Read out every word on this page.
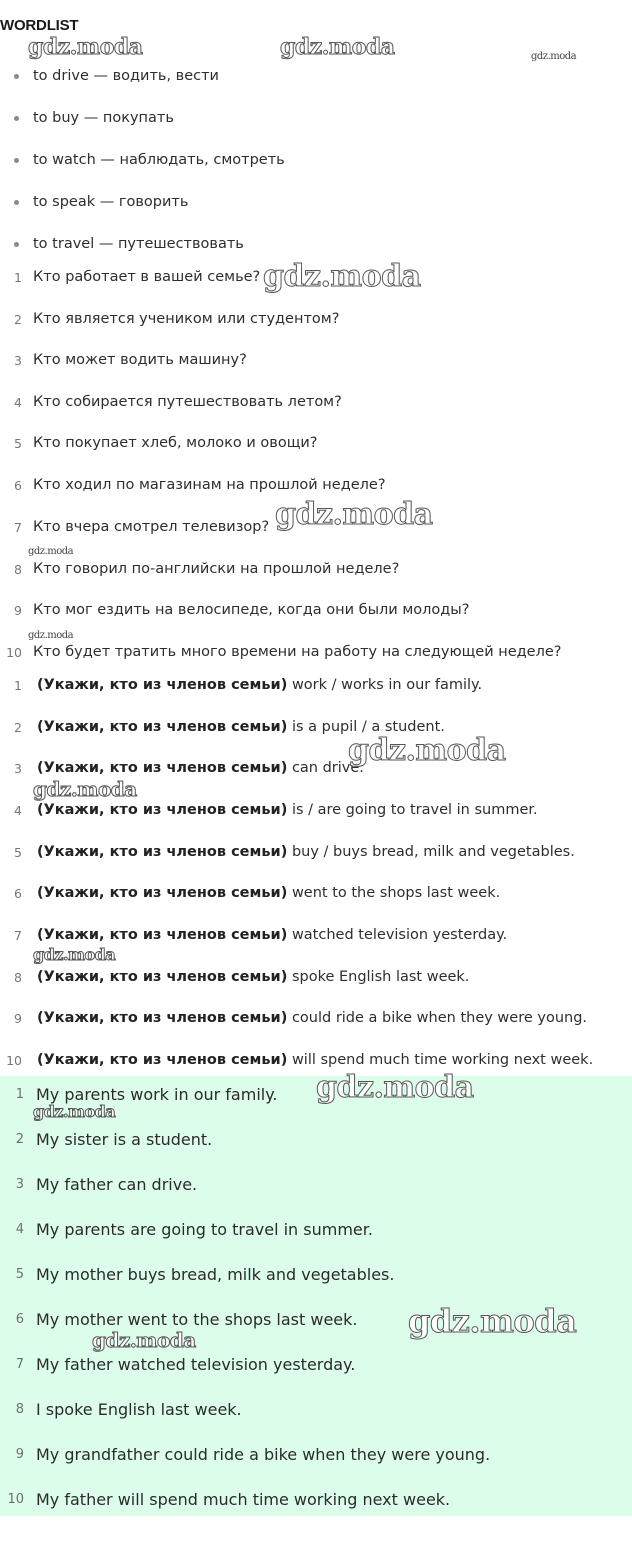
WORDLIST
to drive — водить, вести
to buy — покупать
to watch — наблюдать, смотреть
to speak — говорить
to travel — путешествовать
1 Кто работает в вашей семье?
2 Кто является учеником или студентом?
3 Кто может водить машину?
4 Кто собирается путешествовать летом?
5 Кто покупает хлеб, молоко и овощи?
6 Кто ходил по магазинам на прошлой неделе?
7 Кто вчера смотрел телевизор?
8 Кто говорил по-английски на прошлой неделе?
9 Кто мог ездить на велосипеде, когда они были молоды?
10 Кто будет тратить много времени на работу на следующей неделе?
1 (Укажи, кто из членов семьи) work / works in our family.
2 (Укажи, кто из членов семьи) is a pupil / a student.
3 (Укажи, кто из членов семьи) can drive.
4 (Укажи, кто из членов семьи) is / are going to travel in summer.
5 (Укажи, кто из членов семьи) buy / buys bread, milk and vegetables.
6 (Укажи, кто из членов семьи) went to the shops last week.
7 (Укажи, кто из членов семьи) watched television yesterday.
8 (Укажи, кто из членов семьи) spoke English last week.
9 (Укажи, кто из членов семьи) could ride a bike when they were young.
10 (Укажи, кто из членов семьи) will spend much time working next week.
1 My parents work in our family.
2 My sister is a student.
3 My father can drive.
4 My parents are going to travel in summer.
5 My mother buys bread, milk and vegetables.
6 My mother went to the shops last week.
7 My father watched television yesterday.
8 I spoke English last week.
9 My grandfather could ride a bike when they were young.
10 My father will spend much time working next week.
gdz.moda	gdz.moda	gdz.moda
gdz.moda
gdz.moda
gdz.moda
gdz.moda
gdz.moda
gdz.moda
gdz.moda
gdz.moda
gdz.moda
gdz.moda
gdz.moda
